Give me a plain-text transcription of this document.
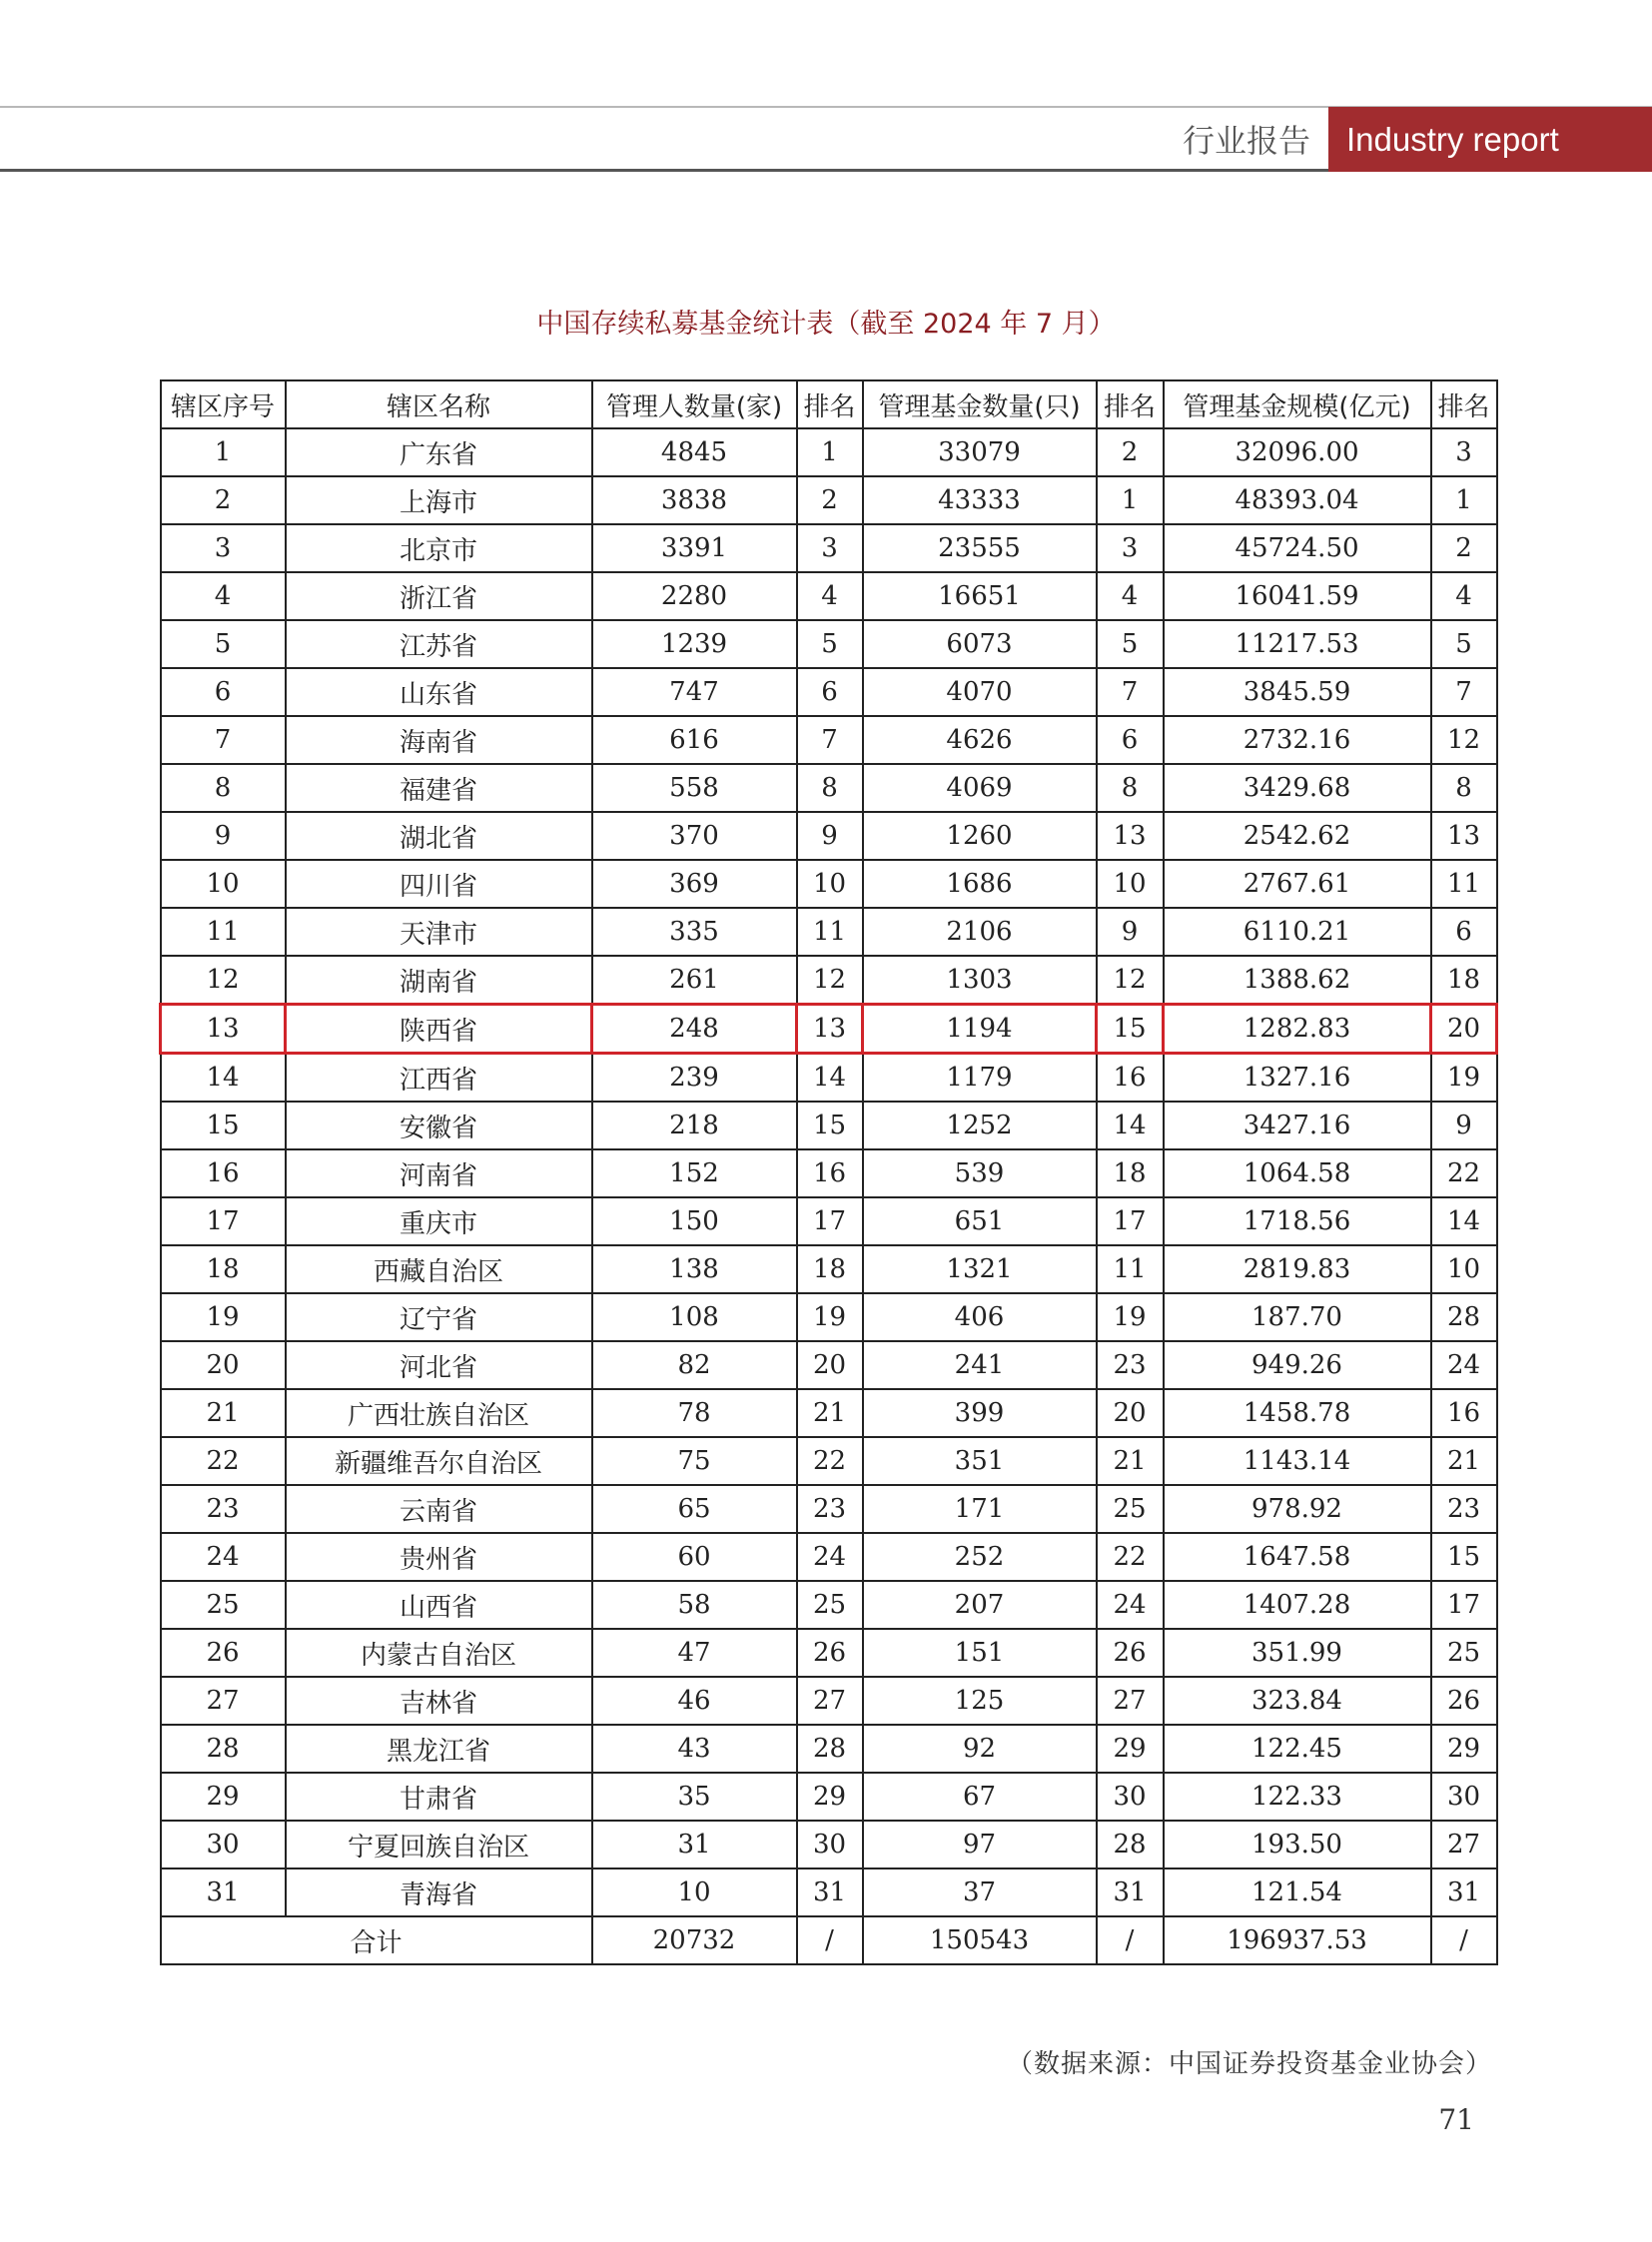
行业报告	Industry report
中国存续私募基金统计表（截至 2024 年 7 月）
辖区序号	辖区名称	管理人数量(家)	排名	管理基金数量(只)	排名	管理基金规模(亿元)	排名
1	广东省	4845	1	33079	2	32096.00	3
2	上海市	3838	2	43333	1	48393.04	1
3	北京市	3391	3	23555	3	45724.50	2
4	浙江省	2280	4	16651	4	16041.59	4
5	江苏省	1239	5	6073	5	11217.53	5
6	山东省	747	6	4070	7	3845.59	7
7	海南省	616	7	4626	6	2732.16	12
8	福建省	558	8	4069	8	3429.68	8
9	湖北省	370	9	1260	13	2542.62	13
10	四川省	369	10	1686	10	2767.61	11
11	天津市	335	11	2106	9	6110.21	6
12	湖南省	261	12	1303	12	1388.62	18
13	陕西省	248	13	1194	15	1282.83	20
14	江西省	239	14	1179	16	1327.16	19
15	安徽省	218	15	1252	14	3427.16	9
16	河南省	152	16	539	18	1064.58	22
17	重庆市	150	17	651	17	1718.56	14
18	西藏自治区	138	18	1321	11	2819.83	10
19	辽宁省	108	19	406	19	187.70	28
20	河北省	82	20	241	23	949.26	24
21	广西壮族自治区	78	21	399	20	1458.78	16
22	新疆维吾尔自治区	75	22	351	21	1143.14	21
23	云南省	65	23	171	25	978.92	23
24	贵州省	60	24	252	22	1647.58	15
25	山西省	58	25	207	24	1407.28	17
26	内蒙古自治区	47	26	151	26	351.99	25
27	吉林省	46	27	125	27	323.84	26
28	黑龙江省	43	28	92	29	122.45	29
29	甘肃省	35	29	67	30	122.33	30
30	宁夏回族自治区	31	30	97	28	193.50	27
31	青海省	10	31	37	31	121.54	31
合计		20732	/	150543	/	196937.53	/
（数据来源：中国证券投资基金业协会）
71
